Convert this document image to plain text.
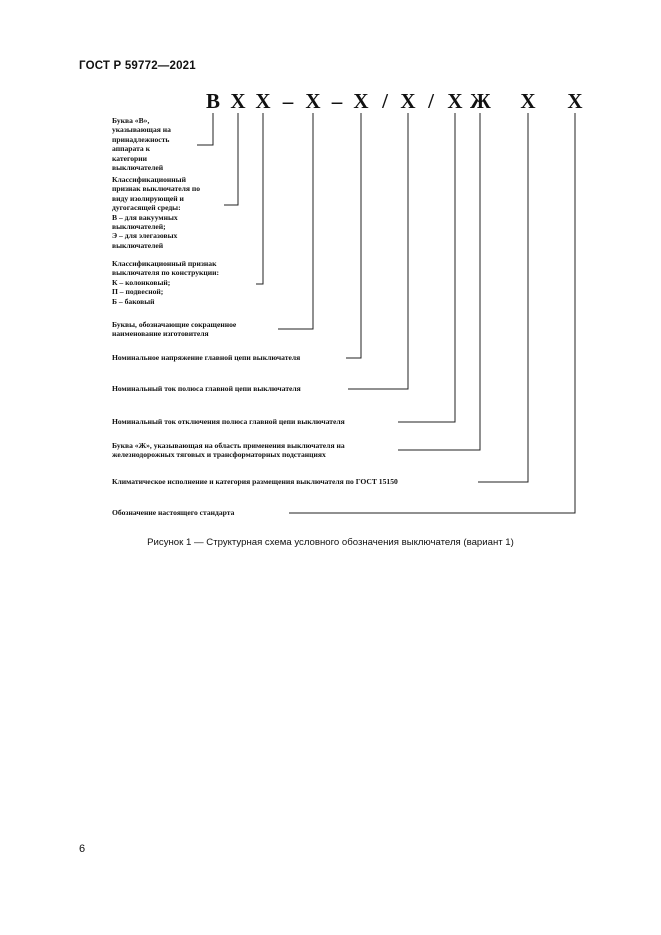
ГОСТ Р 59772—2021
В Х Х – Х – Х / Х / Х Ж Х Х
Буква «В»,
указывающая на
принадлежность
аппарата к
категории
выключателей
Классификационный
признак выключателя по
виду изолирующей и
дугогасящей среды:
В – для вакуумных
выключателей;
Э – для элегазовых
выключателей
Классификационный признак
выключателя по конструкции:
К – колонковый;
П – подвесной;
Б – баковый
Буквы, обозначающие сокращенное
наименование изготовителя
Номинальное напряжение главной цепи выключателя
Номинальный ток полюса главной цепи выключателя
Номинальный ток отключения полюса главной цепи выключателя
Буква «Ж», указывающая на область применения выключателя на
железнодорожных тяговых и трансформаторных подстанциях
Климатическое исполнение и категория размещения выключателя по ГОСТ 15150
Обозначение настоящего стандарта
Рисунок 1 — Структурная схема условного обозначения выключателя (вариант 1)
6
